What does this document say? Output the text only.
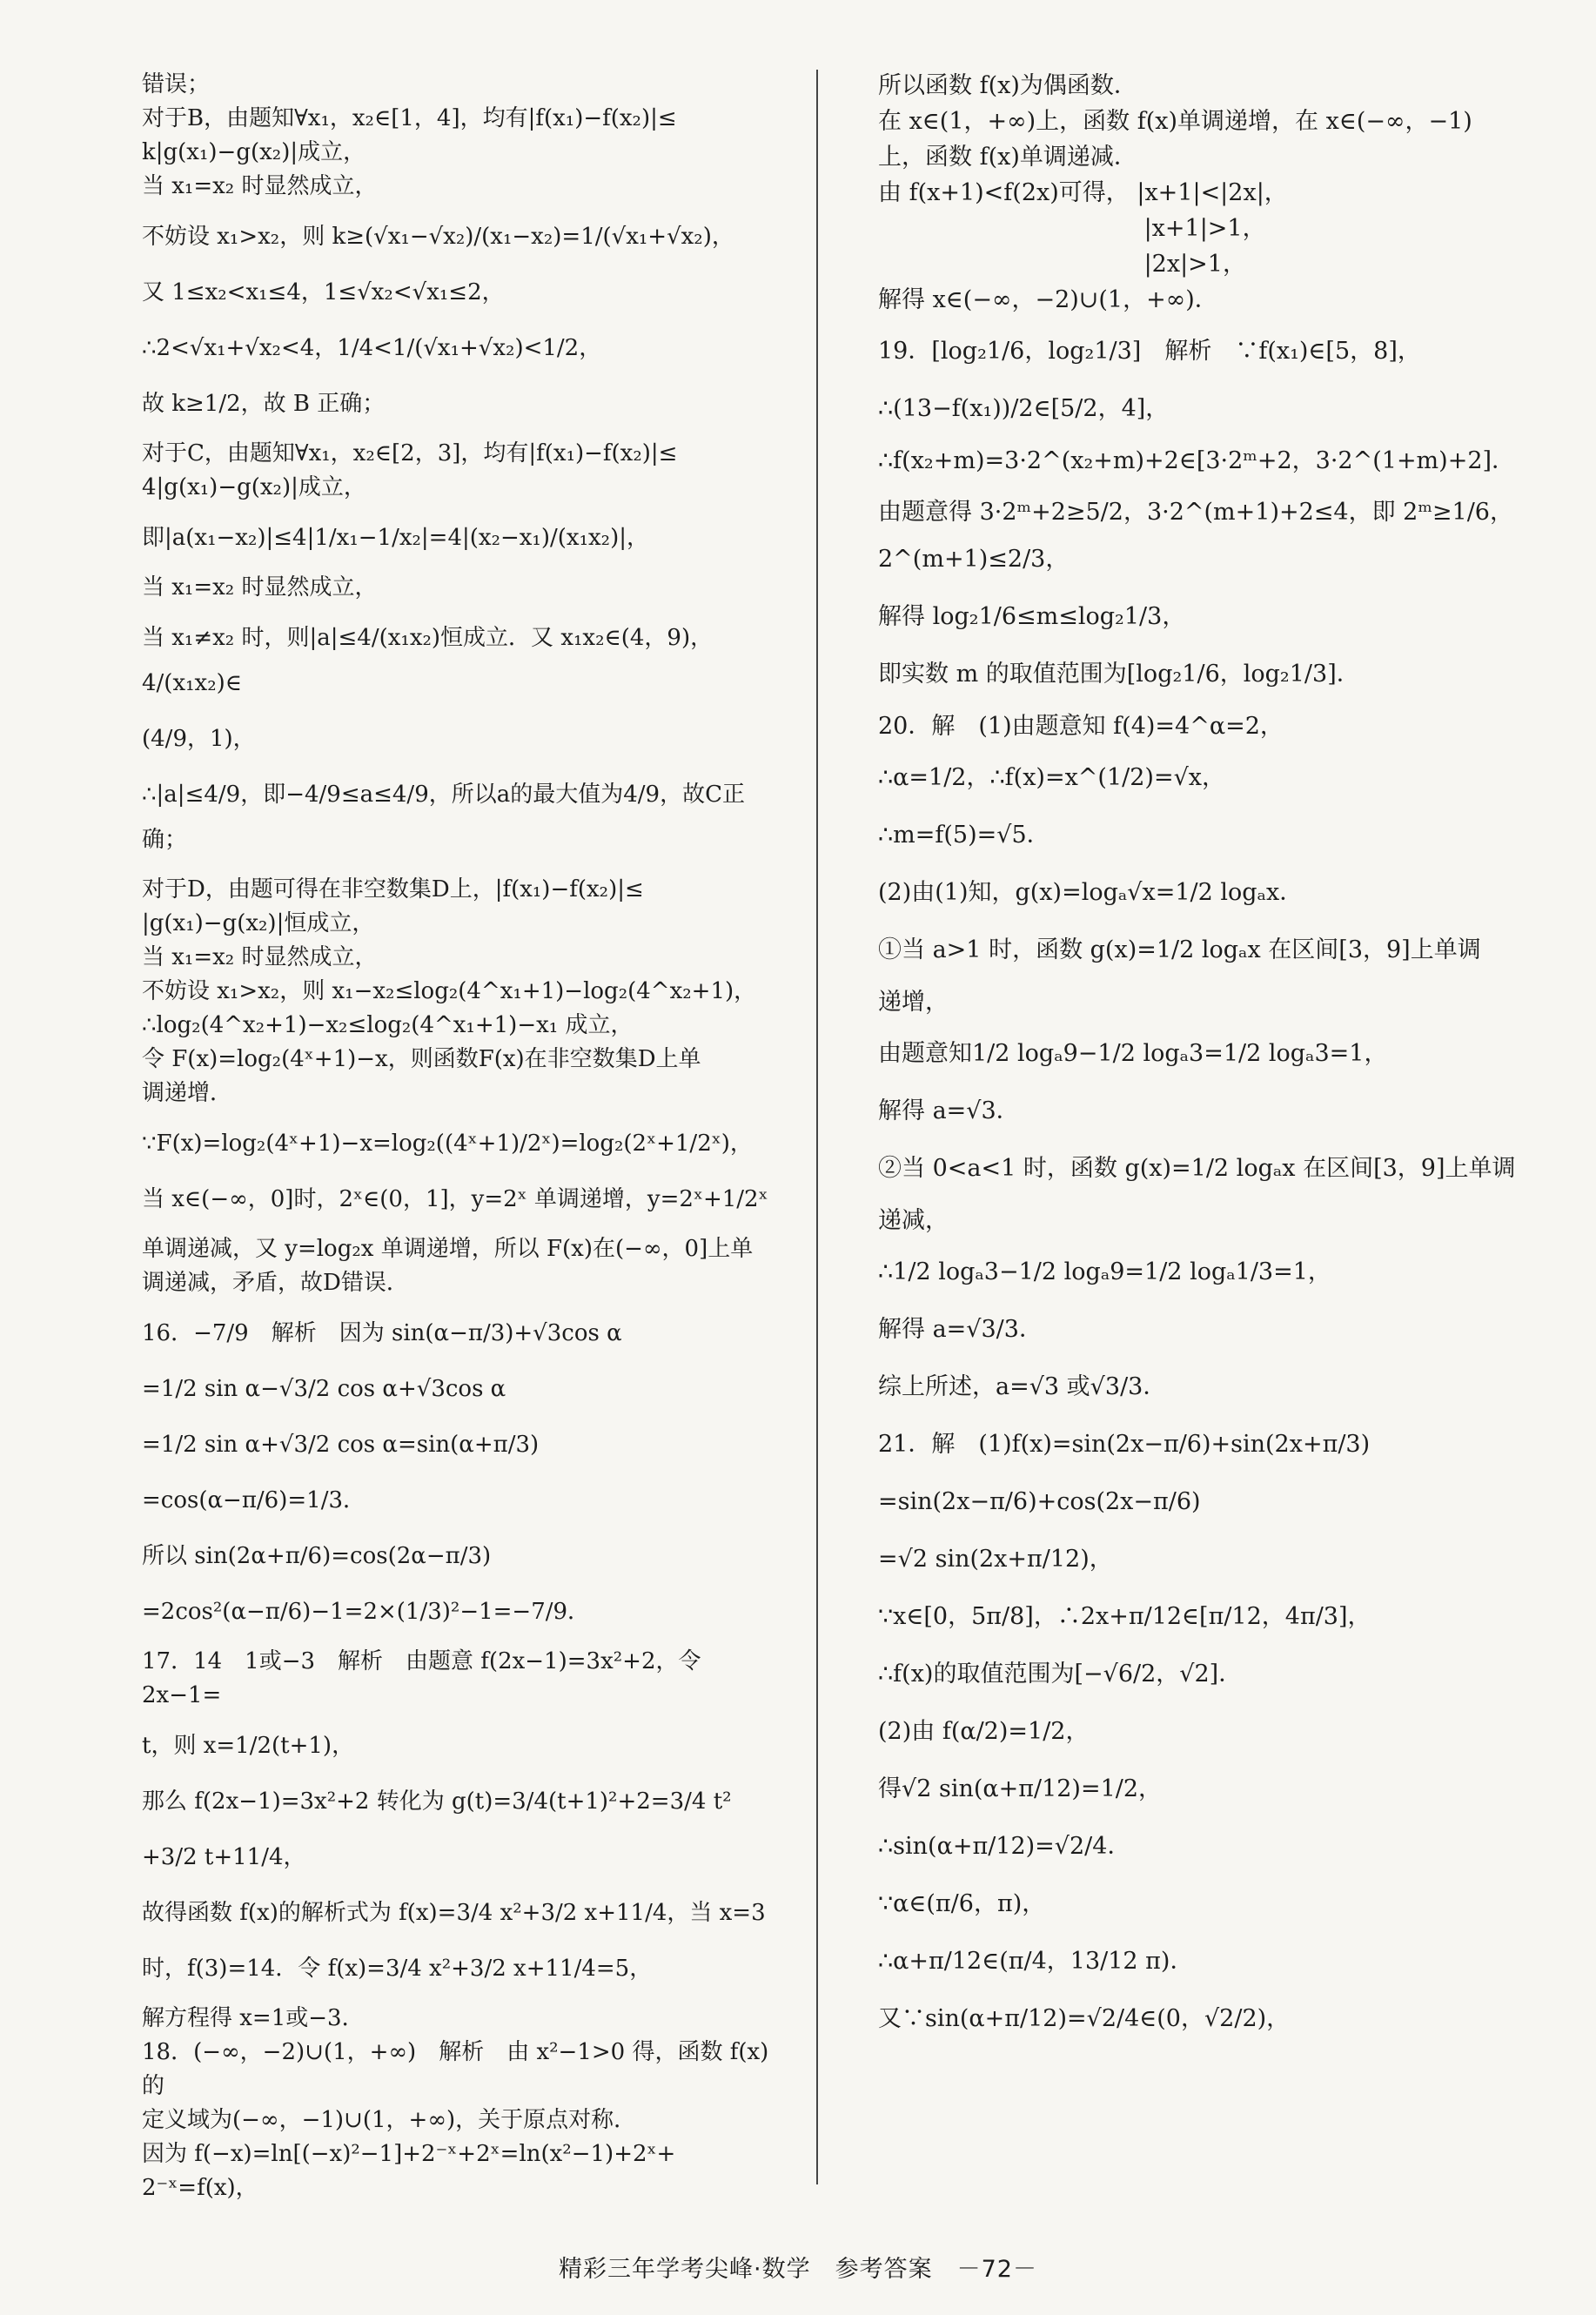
错误；
对于B，由题知∀x₁，x₂∈[1，4]，均有|f(x₁)−f(x₂)|≤
k|g(x₁)−g(x₂)|成立，
当 x₁=x₂ 时显然成立，
不妨设 x₁>x₂，则 k≥(√x₁−√x₂)/(x₁−x₂)=1/(√x₁+√x₂)，
又 1≤x₂<x₁≤4，1≤√x₂<√x₁≤2，
∴2<√x₁+√x₂<4，1/4<1/(√x₁+√x₂)<1/2，
故 k≥1/2，故 B 正确；
对于C，由题知∀x₁，x₂∈[2，3]，均有|f(x₁)−f(x₂)|≤
4|g(x₁)−g(x₂)|成立，
即|a(x₁−x₂)|≤4|1/x₁−1/x₂|=4|(x₂−x₁)/(x₁x₂)|，
当 x₁=x₂ 时显然成立，
当 x₁≠x₂ 时，则|a|≤4/(x₁x₂)恒成立．又 x₁x₂∈(4，9)，4/(x₁x₂)∈
(4/9，1)，
∴|a|≤4/9，即−4/9≤a≤4/9，所以a的最大值为4/9，故C正确；
对于D，由题可得在非空数集D上，|f(x₁)−f(x₂)|≤
|g(x₁)−g(x₂)|恒成立，
当 x₁=x₂ 时显然成立，
不妨设 x₁>x₂，则 x₁−x₂≤log₂(4^x₁+1)−log₂(4^x₂+1)，
∴log₂(4^x₂+1)−x₂≤log₂(4^x₁+1)−x₁ 成立，
令 F(x)=log₂(4ˣ+1)−x，则函数F(x)在非空数集D上单
调递增．
∵F(x)=log₂(4ˣ+1)−x=log₂((4ˣ+1)/2ˣ)=log₂(2ˣ+1/2ˣ)，
当 x∈(−∞，0]时，2ˣ∈(0，1]，y=2ˣ 单调递增，y=2ˣ+1/2ˣ
单调递减，又 y=log₂x 单调递增，所以 F(x)在(−∞，0]上单
调递减，矛盾，故D错误．
16．−7/9　解析　因为 sin(α−π/3)+√3cos α
=1/2 sin α−√3/2 cos α+√3cos α
=1/2 sin α+√3/2 cos α=sin(α+π/3)
=cos(α−π/6)=1/3．
所以 sin(2α+π/6)=cos(2α−π/3)
=2cos²(α−π/6)−1=2×(1/3)²−1=−7/9．
17．14　1或−3　解析　由题意 f(2x−1)=3x²+2，令 2x−1=
t，则 x=1/2(t+1)，
那么 f(2x−1)=3x²+2 转化为 g(t)=3/4(t+1)²+2=3/4 t²
+3/2 t+11/4，
故得函数 f(x)的解析式为 f(x)=3/4 x²+3/2 x+11/4，当 x=3
时，f(3)=14．令 f(x)=3/4 x²+3/2 x+11/4=5，
解方程得 x=1或−3．
18．(−∞，−2)∪(1，+∞)　解析　由 x²−1>0 得，函数 f(x)的
定义域为(−∞，−1)∪(1，+∞)，关于原点对称．
因为 f(−x)=ln[(−x)²−1]+2⁻ˣ+2ˣ=ln(x²−1)+2ˣ+
2⁻ˣ=f(x)，
所以函数 f(x)为偶函数．
在 x∈(1，+∞)上，函数 f(x)单调递增，在 x∈(−∞，−1)
上，函数 f(x)单调递减．
由 f(x+1)<f(2x)可得， |x+1|<|2x|，
　　　　　　　　　　　 |x+1|>1，
　　　　　　　　　　　 |2x|>1，
解得 x∈(−∞，−2)∪(1，+∞)．
19．[log₂1/6，log₂1/3]　解析　∵f(x₁)∈[5，8]，
∴(13−f(x₁))/2∈[5/2，4]，
∴f(x₂+m)=3·2^(x₂+m)+2∈[3·2ᵐ+2，3·2^(1+m)+2]．
由题意得 3·2ᵐ+2≥5/2，3·2^(m+1)+2≤4，即 2ᵐ≥1/6，2^(m+1)≤2/3，
解得 log₂1/6≤m≤log₂1/3，
即实数 m 的取值范围为[log₂1/6，log₂1/3]．
20．解　(1)由题意知 f(4)=4^α=2，
∴α=1/2，∴f(x)=x^(1/2)=√x，
∴m=f(5)=√5．
(2)由(1)知，g(x)=logₐ√x=1/2 logₐx．
①当 a>1 时，函数 g(x)=1/2 logₐx 在区间[3，9]上单调
递增，
由题意知1/2 logₐ9−1/2 logₐ3=1/2 logₐ3=1，
解得 a=√3．
②当 0<a<1 时，函数 g(x)=1/2 logₐx 在区间[3，9]上单调
递减，
∴1/2 logₐ3−1/2 logₐ9=1/2 logₐ1/3=1，
解得 a=√3/3．
综上所述，a=√3 或√3/3．
21．解　(1)f(x)=sin(2x−π/6)+sin(2x+π/3)
=sin(2x−π/6)+cos(2x−π/6)
=√2 sin(2x+π/12)，
∵x∈[0，5π/8]，∴2x+π/12∈[π/12，4π/3]，
∴f(x)的取值范围为[−√6/2，√2]．
(2)由 f(α/2)=1/2，
得√2 sin(α+π/12)=1/2，
∴sin(α+π/12)=√2/4．
∵α∈(π/6，π)，
∴α+π/12∈(π/4，13/12 π)．
又∵sin(α+π/12)=√2/4∈(0，√2/2)，
精彩三年学考尖峰·数学　参考答案　－72－
